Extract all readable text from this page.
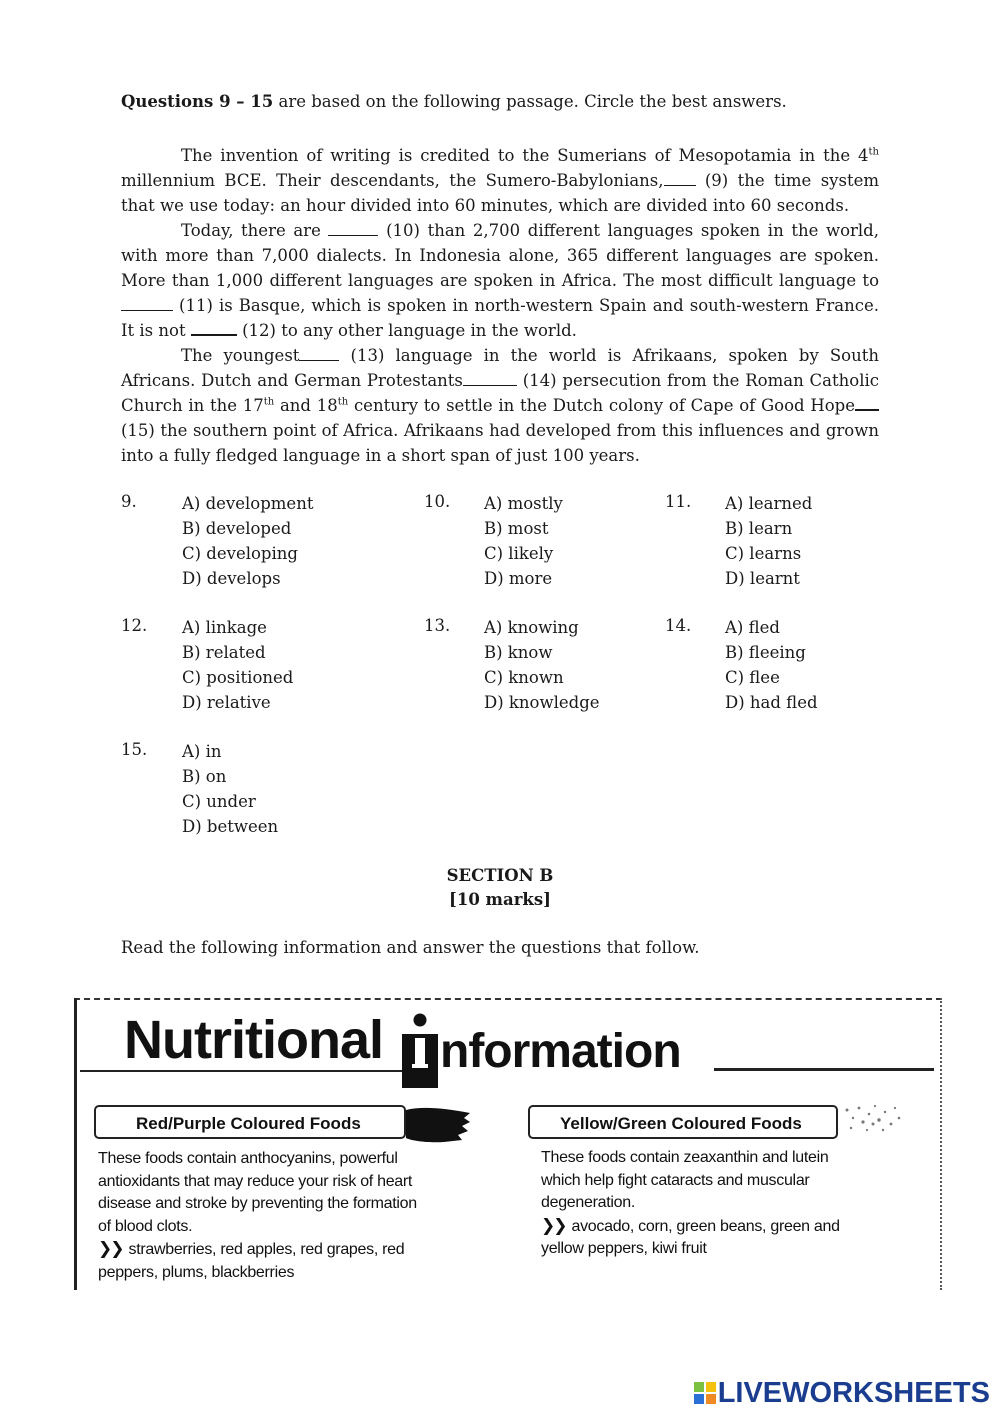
Questions 9 – 15 are based on the following passage. Circle the best answers.

The invention of writing is credited to the Sumerians of Mesopotamia in the 4th millennium BCE. Their descendants, the Sumero-Babylonians, (9) the time system that we use today: an hour divided into 60 minutes, which are divided into 60 seconds.

Today, there are	(10) than 2,700 different languages spoken in the world, with more than 7,000 dialects. In Indonesia alone, 365 different languages are spoken. More than 1,000 different languages are spoken in Africa. The most difficult language to  (11) is Basque, which is spoken in north-western Spain and south-western France. It is not	(12) to any other language in the world.

The youngest (13) language in the world is Afrikaans, spoken by South Africans. Dutch and German Protestants	(14) persecution from the Roman Catholic Church in the 17th and 18th century to settle in the Dutch colony of Cape of Good Hope (15) the southern point of Africa. Afrikaans had developed from this influences and grown into a fully fledged language in a short span of just 100 years.

9.	A) development
B) developed
C) developing
D) develops
10. A) mostly
B) most
C) likely
D) more
11. A) learned
B) learn
C) learns
D) learnt
12. A) linkage
B) related
C) positioned
D) relative
13. A) knowing
B) know
C) known
D) knowledge
14. A) fled
B) fleeing
C) flee
D) had fled
15. A) in
B) on
C) under
D) between
SECTION B
[10 marks]
Read the following information and answer the questions that follow.
Nutritional nformation
Red/Purple Coloured Foods
These foods contain anthocyanins, powerful
antioxidants that may reduce your risk of heart
disease and stroke by preventing the formation
of blood clots.
❯❯ strawberries, red apples, red grapes, red
peppers, plums, blackberries
Yellow/Green Coloured Foods
These foods contain zeaxanthin and lutein
which help fight cataracts and muscular
degeneration.
❯❯ avocado, corn, green beans, green and
yellow peppers, kiwi fruit
LIVEWORKSHEETS
